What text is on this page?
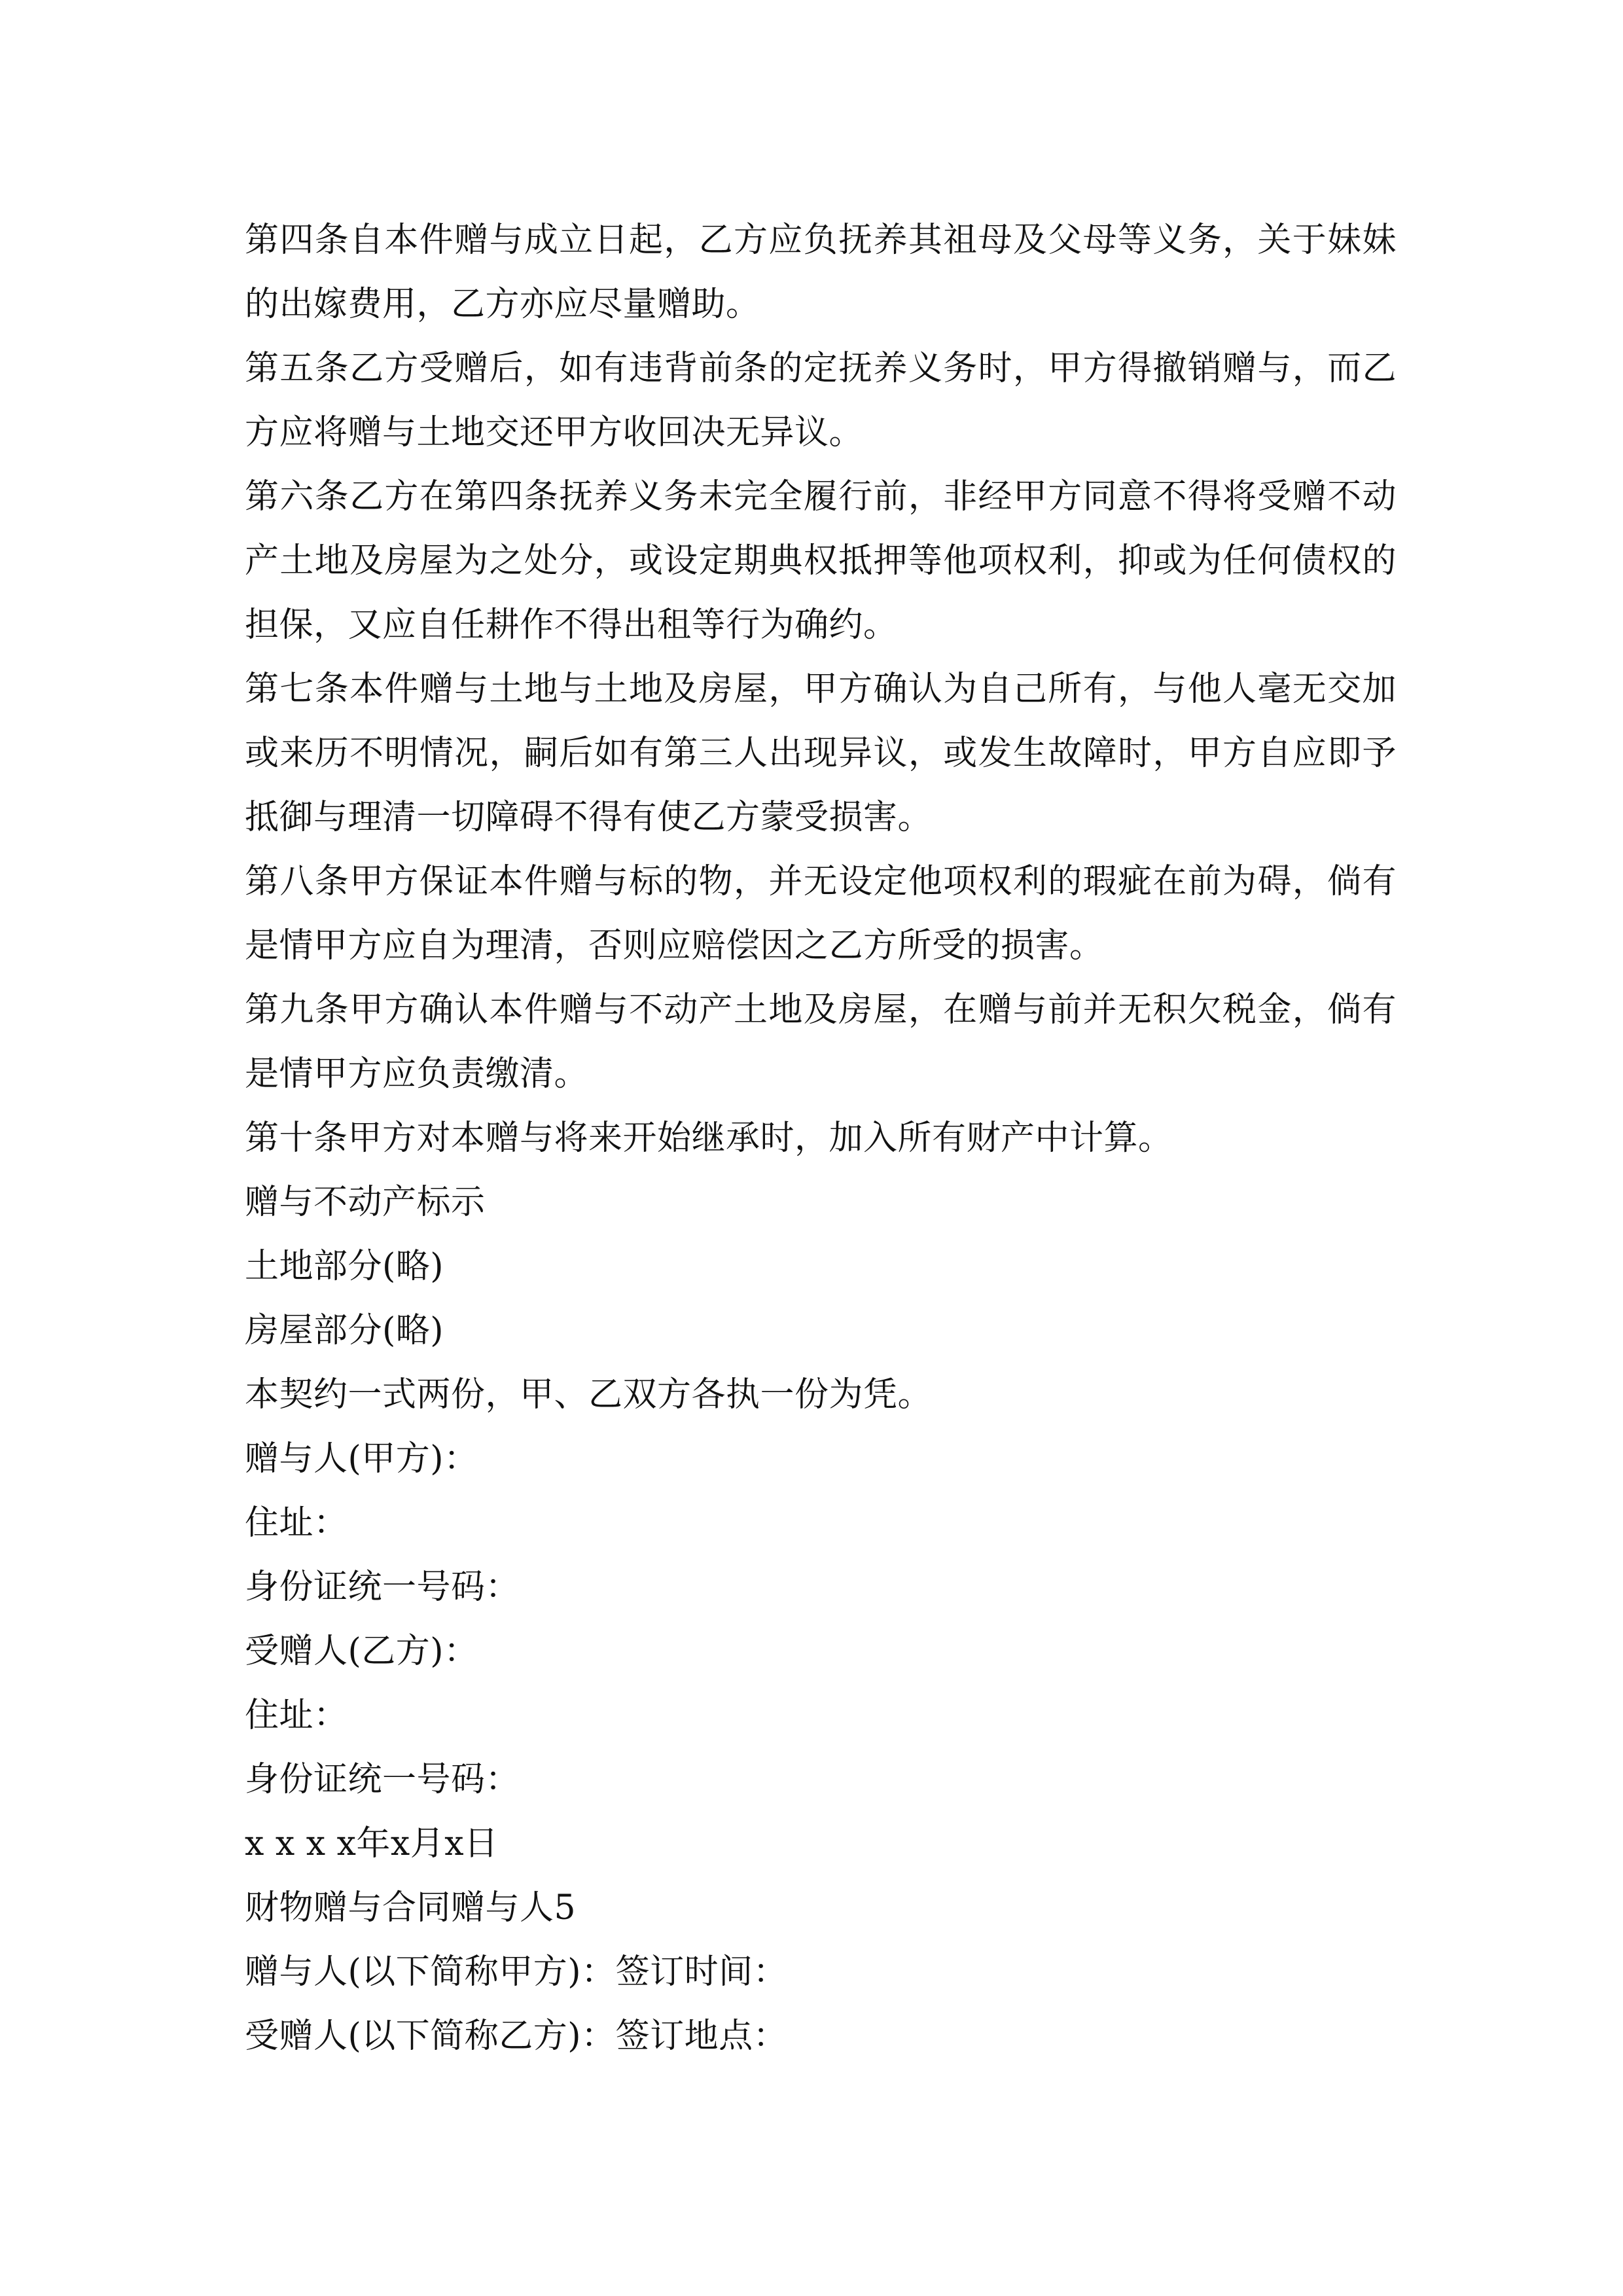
第四条自本件赠与成立日起，乙方应负抚养其祖母及父母等义务，关于妹妹的出嫁费用，乙方亦应尽量赠助。

第五条乙方受赠后，如有违背前条的定抚养义务时，甲方得撤销赠与，而乙方应将赠与土地交还甲方收回决无异议。

第六条乙方在第四条抚养义务未完全履行前，非经甲方同意不得将受赠不动产土地及房屋为之处分，或设定期典权抵押等他项权利，抑或为任何债权的担保，又应自任耕作不得出租等行为确约。

第七条本件赠与土地与土地及房屋，甲方确认为自己所有，与他人毫无交加或来历不明情况，嗣后如有第三人出现异议，或发生故障时，甲方自应即予抵御与理清一切障碍不得有使乙方蒙受损害。

第八条甲方保证本件赠与标的物，并无设定他项权利的瑕疵在前为碍，倘有是情甲方应自为理清，否则应赔偿因之乙方所受的损害。

第九条甲方确认本件赠与不动产土地及房屋，在赠与前并无积欠税金，倘有是情甲方应负责缴清。

第十条甲方对本赠与将来开始继承时，加入所有财产中计算。

赠与不动产标示

土地部分(略)

房屋部分(略)

本契约一式两份，甲、乙双方各执一份为凭。

赠与人(甲方)：

住址：

身份证统一号码：

受赠人(乙方)：

住址：

身份证统一号码：

x x x x年x月x日

财物赠与合同赠与人5

赠与人(以下简称甲方)：签订时间：

受赠人(以下简称乙方)：签订地点：
